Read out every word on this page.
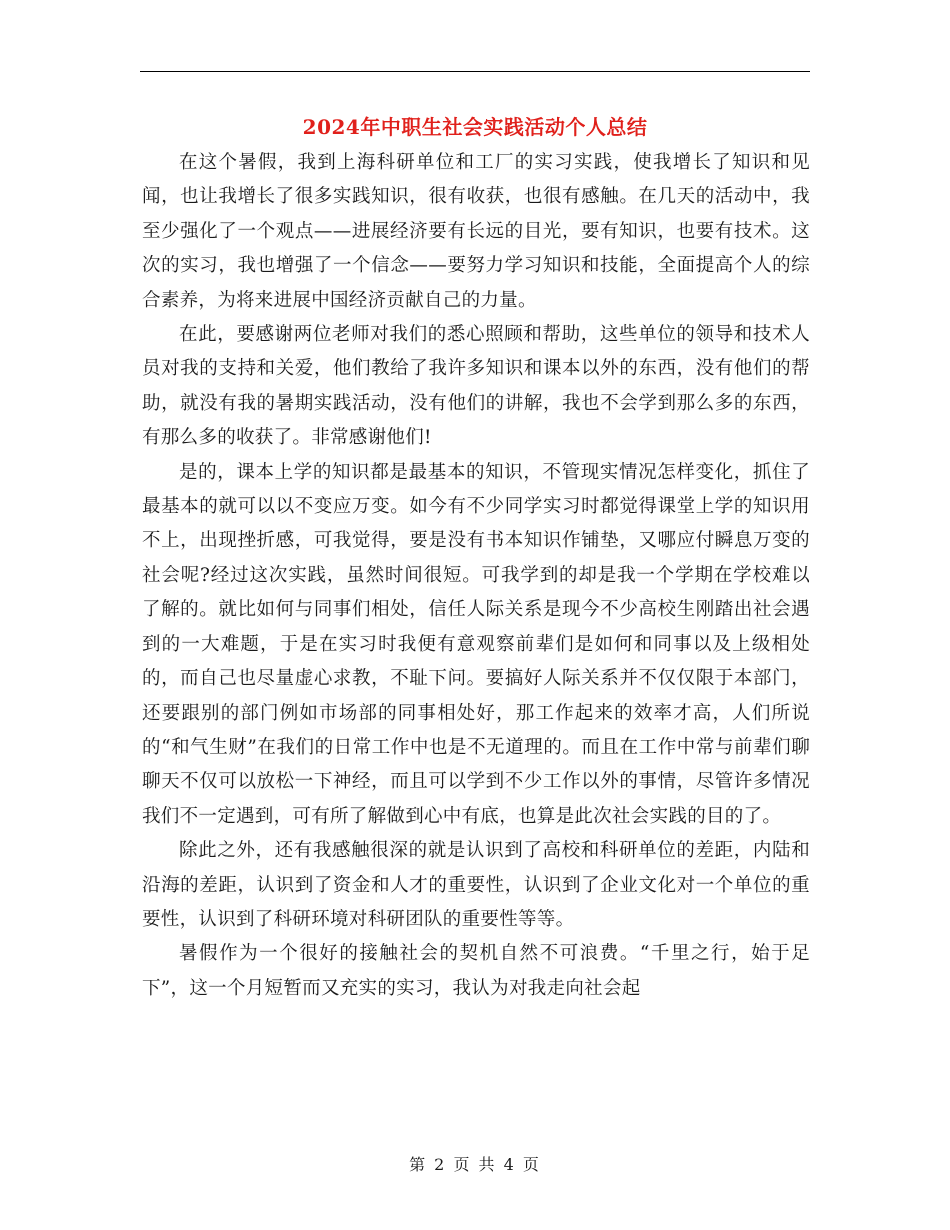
2024年中职生社会实践活动个人总结

在这个暑假，我到上海科研单位和工厂的实习实践，使我增长了知识和见闻，也让我增长了很多实践知识，很有收获，也很有感触。在几天的活动中，我至少强化了一个观点——进展经济要有长远的目光，要有知识，也要有技术。这次的实习，我也增强了一个信念——要努力学习知识和技能，全面提高个人的综合素养，为将来进展中国经济贡献自己的力量。

在此，要感谢两位老师对我们的悉心照顾和帮助，这些单位的领导和技术人员对我的支持和关爱，他们教给了我许多知识和课本以外的东西，没有他们的帮助，就没有我的暑期实践活动，没有他们的讲解，我也不会学到那么多的东西，有那么多的收获了。非常感谢他们!

是的，课本上学的知识都是最基本的知识，不管现实情况怎样变化，抓住了最基本的就可以以不变应万变。如今有不少同学实习时都觉得课堂上学的知识用不上，出现挫折感，可我觉得，要是没有书本知识作铺垫，又哪应付瞬息万变的社会呢?经过这次实践，虽然时间很短。可我学到的却是我一个学期在学校难以了解的。就比如何与同事们相处，信任人际关系是现今不少高校生刚踏出社会遇到的一大难题，于是在实习时我便有意观察前辈们是如何和同事以及上级相处的，而自己也尽量虚心求教，不耻下问。要搞好人际关系并不仅仅限于本部门，还要跟别的部门例如市场部的同事相处好，那工作起来的效率才高，人们所说的“和气生财”在我们的日常工作中也是不无道理的。而且在工作中常与前辈们聊聊天不仅可以放松一下神经，而且可以学到不少工作以外的事情，尽管许多情况我们不一定遇到，可有所了解做到心中有底，也算是此次社会实践的目的了。

除此之外，还有我感触很深的就是认识到了高校和科研单位的差距，内陆和沿海的差距，认识到了资金和人才的重要性，认识到了企业文化对一个单位的重要性，认识到了科研环境对科研团队的重要性等等。

暑假作为一个很好的接触社会的契机自然不可浪费。“千里之行，始于足下”，这一个月短暂而又充实的实习，我认为对我走向社会起

第 2 页 共 4 页
